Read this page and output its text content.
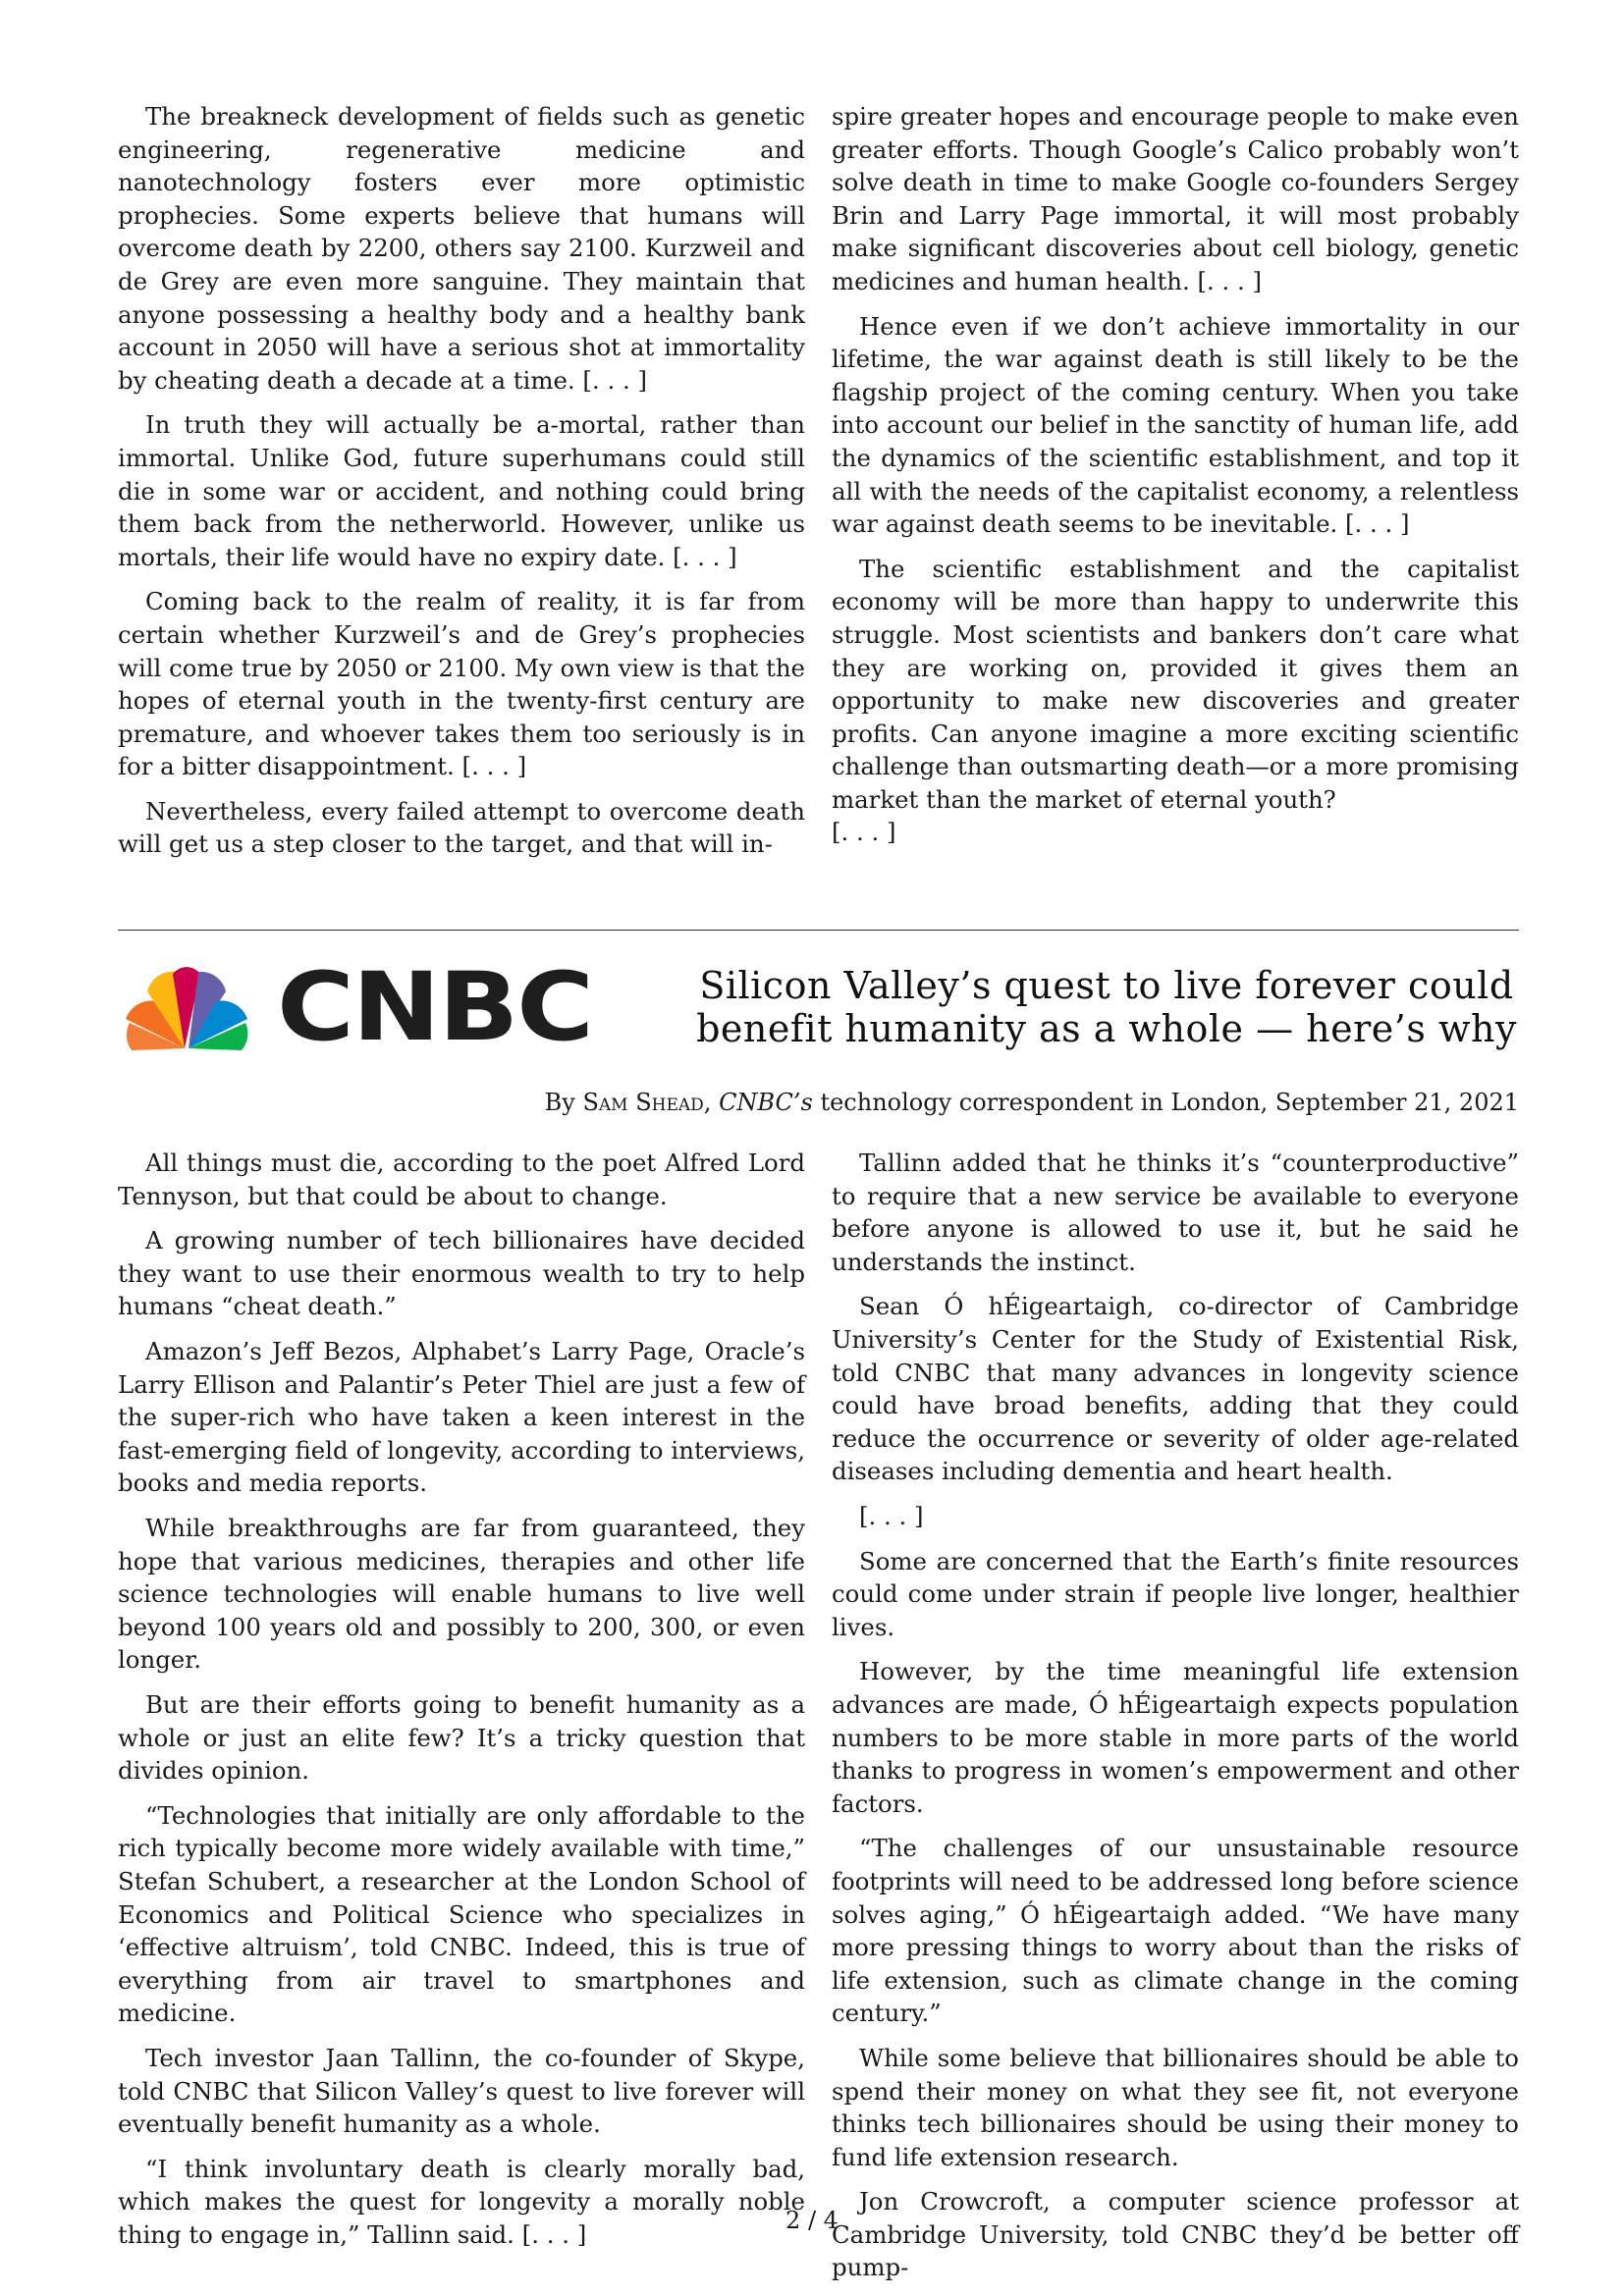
The breakneck development of fields such as genetic engineering, regenerative medicine and nanotechnology fosters ever more optimistic prophecies. Some experts believe that humans will overcome death by 2200, others say 2100. Kurzweil and de Grey are even more sanguine. They maintain that anyone possessing a healthy body and a healthy bank account in 2050 will have a serious shot at immortality by cheating death a decade at a time. [. . . ]

In truth they will actually be a-mortal, rather than immortal. Unlike God, future superhumans could still die in some war or accident, and nothing could bring them back from the netherworld. However, unlike us mortals, their life would have no expiry date. [. . . ]

Coming back to the realm of reality, it is far from certain whether Kurzweil’s and de Grey’s prophecies will come true by 2050 or 2100. My own view is that the hopes of eternal youth in the twenty-first century are premature, and whoever takes them too seriously is in for a bitter disappointment. [. . . ]

Nevertheless, every failed attempt to overcome death will get us a step closer to the target, and that will in-

spire greater hopes and encourage people to make even greater efforts. Though Google’s Calico probably won’t solve death in time to make Google co-founders Sergey Brin and Larry Page immortal, it will most probably make significant discoveries about cell biology, genetic medicines and human health. [. . . ]

Hence even if we don’t achieve immortality in our lifetime, the war against death is still likely to be the flagship project of the coming century. When you take into account our belief in the sanctity of human life, add the dynamics of the scientific establishment, and top it all with the needs of the capitalist economy, a relentless war against death seems to be inevitable. [. . . ]

The scientific establishment and the capitalist economy will be more than happy to underwrite this struggle. Most scientists and bankers don’t care what they are working on, provided it gives them an opportunity to make new discoveries and greater profits. Can anyone imagine a more exciting scientific challenge than outsmarting death—or a more promising market than the market of eternal youth?

[. . . ]

CNBC	Silicon Valley’s quest to live forever could
benefit humanity as a whole — here’s why
By Sam Shead, CNBC’s technology correspondent in London, September 21, 2021

All things must die, according to the poet Alfred Lord Tennyson, but that could be about to change.

A growing number of tech billionaires have decided they want to use their enormous wealth to try to help humans “cheat death.”

Amazon’s Jeff Bezos, Alphabet’s Larry Page, Oracle’s Larry Ellison and Palantir’s Peter Thiel are just a few of the super-rich who have taken a keen interest in the fast-emerging field of longevity, according to interviews, books and media reports.

While breakthroughs are far from guaranteed, they hope that various medicines, therapies and other life science technologies will enable humans to live well beyond 100 years old and possibly to 200, 300, or even longer.

But are their efforts going to benefit humanity as a whole or just an elite few? It’s a tricky question that divides opinion.

“Technologies that initially are only affordable to the rich typically become more widely available with time,” Stefan Schubert, a researcher at the London School of Economics and Political Science who specializes in ‘effective altruism’, told CNBC. Indeed, this is true of everything from air travel to smartphones and medicine.

Tech investor Jaan Tallinn, the co-founder of Skype, told CNBC that Silicon Valley’s quest to live forever will eventually benefit humanity as a whole.

“I think involuntary death is clearly morally bad, which makes the quest for longevity a morally noble thing to engage in,” Tallinn said. [. . . ]

Tallinn added that he thinks it’s “counterproductive” to require that a new service be available to everyone before anyone is allowed to use it, but he said he understands the instinct.

Sean Ó hÉigeartaigh, co-director of Cambridge University’s Center for the Study of Existential Risk, told CNBC that many advances in longevity science could have broad benefits, adding that they could reduce the occurrence or severity of older age-related diseases including dementia and heart health.

[. . . ]

Some are concerned that the Earth’s finite resources could come under strain if people live longer, healthier lives.

However, by the time meaningful life extension advances are made, Ó hÉigeartaigh expects population numbers to be more stable in more parts of the world thanks to progress in women’s empowerment and other factors.

“The challenges of our unsustainable resource footprints will need to be addressed long before science solves aging,” Ó hÉigeartaigh added. “We have many more pressing things to worry about than the risks of life extension, such as climate change in the coming century.”

While some believe that billionaires should be able to spend their money on what they see fit, not everyone thinks tech billionaires should be using their money to fund life extension research.

Jon Crowcroft, a computer science professor at Cambridge University, told CNBC they’d be better off pump-

2 / 4
